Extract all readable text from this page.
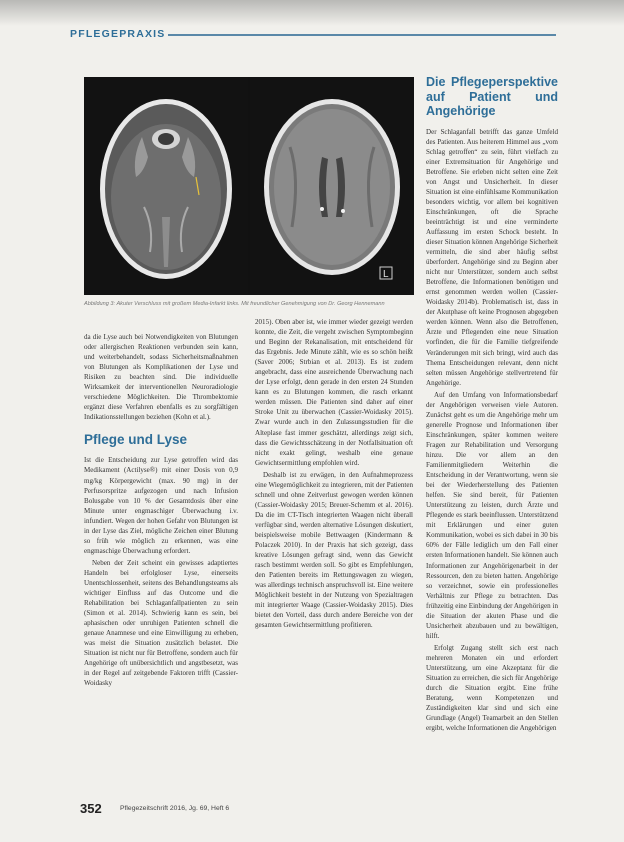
PFLEGEPRAXIS
L
Abbildung 3: Akuter Verschluss mit großem Media-Infarkt links. Mit freundlicher Genehmigung von Dr. Georg Hennemann

da die Lyse auch bei Notwendigkeiten von Blutungen oder allergischen Reaktionen verbunden sein kann, und weiterbehandelt, sodass Sicherheitsmaßnahmen von Blutungen als Komplikationen der Lyse und Risiken zu beachten sind. Die individuelle Wirksamkeit der interventionellen Neuroradiologie verschiedene Möglichkeiten. Die Thrombektomie ergänzt diese Verfahren ebenfalls es zu sorgfältigen Indikationsstellungen beziehen (Kohn et al.).

Pflege und Lyse

Ist die Entscheidung zur Lyse getroffen wird das Medikament (Actilyse®) mit einer Dosis von 0,9 mg/kg Körpergewicht (max. 90 mg) in der Perfusorspritze aufgezogen und nach Infusion Bolusgabe von 10 % der Gesamtdosis über eine Minute unter engmaschiger Überwachung i.v. infundiert. Wegen der hohen Gefahr von Blutungen ist in der Lyse das Ziel, mögliche Zeichen einer Blutung so früh wie möglich zu erkennen, was eine engmaschige Überwachung erfordert.

Neben der Zeit scheint ein gewisses adaptiertes Handeln bei erfolgloser Lyse, einerseits Unentschlossenheit, seitens des Behandlungsteams als wichtiger Einfluss auf das Outcome und die Rehabilitation bei Schlaganfallpatienten zu sein (Simon et al. 2014). Schwierig kann es sein, bei aphasischen oder unruhigen Patienten schnell die genaue Anamnese und eine Einwilligung zu erheben, was meist die Situation zusätzlich belastet. Die Situation ist nicht nur für Betroffene, sondern auch für Angehörige oft unübersichtlich und angstbesetzt, was in der Regel auf zeitgebende Faktoren trifft (Cassier-Woidasky

2015). Oben aber ist, wie immer wieder gezeigt werden konnte, die Zeit, die vergeht zwischen Symptombeginn und Beginn der Rekanalisation, mit entscheidend für das Ergebnis. Jede Minute zählt, wie es so schön heißt (Saver 2006; Strbian et al. 2013). Es ist zudem angebracht, dass eine ausreichende Überwachung nach der Lyse erfolgt, denn gerade in den ersten 24 Stunden kann es zu Blutungen kommen, die rasch erkannt werden müssen. Die Patienten sind daher auf einer Stroke Unit zu überwachen (Cassier-Woidasky 2015). Zwar wurde auch in den Zulassungsstudien für die Alteplase fast immer geschätzt, allerdings zeigt sich, dass die Gewichtsschätzung in der Notfallsituation oft nicht exakt gelingt, weshalb eine genaue Gewichtsermittlung empfohlen wird.

Deshalb ist zu erwägen, in den Aufnahmeprozess eine Wiegemöglichkeit zu integrieren, mit der Patienten schnell und ohne Zeitverlust gewogen werden können (Cassier-Woidasky 2015; Breuer-Schemm et al. 2016). Da die im CT-Tisch integrierten Waagen nicht überall verfügbar sind, werden alternative Lösungen diskutiert, beispielsweise mobile Bettwaagen (Kindermann & Polaczek 2010). In der Praxis hat sich gezeigt, dass kreative Lösungen gefragt sind, wenn das Gewicht rasch bestimmt werden soll. So gibt es Empfehlungen, den Patienten bereits im Rettungswagen zu wiegen, was allerdings technisch anspruchsvoll ist. Eine weitere Möglichkeit besteht in der Nutzung von Spezialtragen mit integrierter Waage (Cassier-Woidasky 2015). Dies bietet den Vorteil, dass durch andere Bereiche von der gesamten Gewichtsermittlung profitieren.

Die Pflegeperspektive auf Patient und Angehörige

Der Schlaganfall betrifft das ganze Umfeld des Patienten. Aus heiterem Himmel aus „vom Schlag getroffen“ zu sein, führt vielfach zu einer Extremsituation für Angehörige und Betroffene. Sie erleben nicht selten eine Zeit von Angst und Unsicherheit. In dieser Situation ist eine einfühlsame Kommunikation besonders wichtig, vor allem bei kognitiven Einschränkungen, oft die Sprache beeinträchtigt ist und eine verminderte Auffassung im ersten Schock besteht. In dieser Situation können Angehörige Sicherheit vermitteln, die sind aber häufig selbst überfordert. Angehörige sind zu Beginn aber nicht nur Unterstützer, sondern auch selbst Betroffene, die Informationen benötigen und ernst genommen werden wollen (Cassier-Woidasky 2014b). Problematisch ist, dass in der Akutphase oft keine Prognosen abgegeben werden können. Wenn also die Betroffenen, Ärzte und Pflegenden eine neue Situation vorfinden, die für die Familie tiefgreifende Veränderungen mit sich bringt, wird auch das Thema Entscheidungen relevant, denn nicht selten müssen Angehörige stellvertretend für Angehörige.

Auf den Umfang von Informationsbedarf der Angehörigen verweisen viele Autoren. Zunächst geht es um die Angehörige mehr um generelle Prognose und Informationen über Einschränkungen, später kommen weitere Fragen zur Rehabilitation und Versorgung hinzu. Die vor allem an den Familienmitgliedern Weiterhin die Entscheidung in der Verantwortung, wenn sie bei der Wiederherstellung des Patienten helfen. Sie sind bereit, für Patienten Unterstützung zu leisten, durch Ärzte und Pflegende es stark beeinflussen. Unterstützend mit Erklärungen und einer guten Kommunikation, wobei es sich dabei in 30 bis 60% der Fälle lediglich um den Fall einer ersten Informationen handelt. Sie können auch Informationen zur Angehörigenarbeit in der Ressourcen, den zu bieten hatten. Angehörige so verzeichnet, sowie ein professionelles Verhältnis zur Pflege zu betrachten. Das frühzeitig eine Einbindung der Angehörigen in die Situation der akuten Phase und die Unsicherheit abzubauen und zu bewältigen, hilft.

Erfolgt Zugang stellt sich erst nach mehreren Monaten ein und erfordert Unterstützung, um eine Akzeptanz für die Situation zu erreichen, die sich für Angehörige durch die Situation ergibt. Eine frühe Beratung, wenn Kompetenzen und Zuständigkeiten klar sind und sich eine Grundlage (Angel) Teamarbeit an den Stellen ergibt, welche Informationen die Angehörigen

352	Pflegezeitschrift 2016, Jg. 69, Heft 6
